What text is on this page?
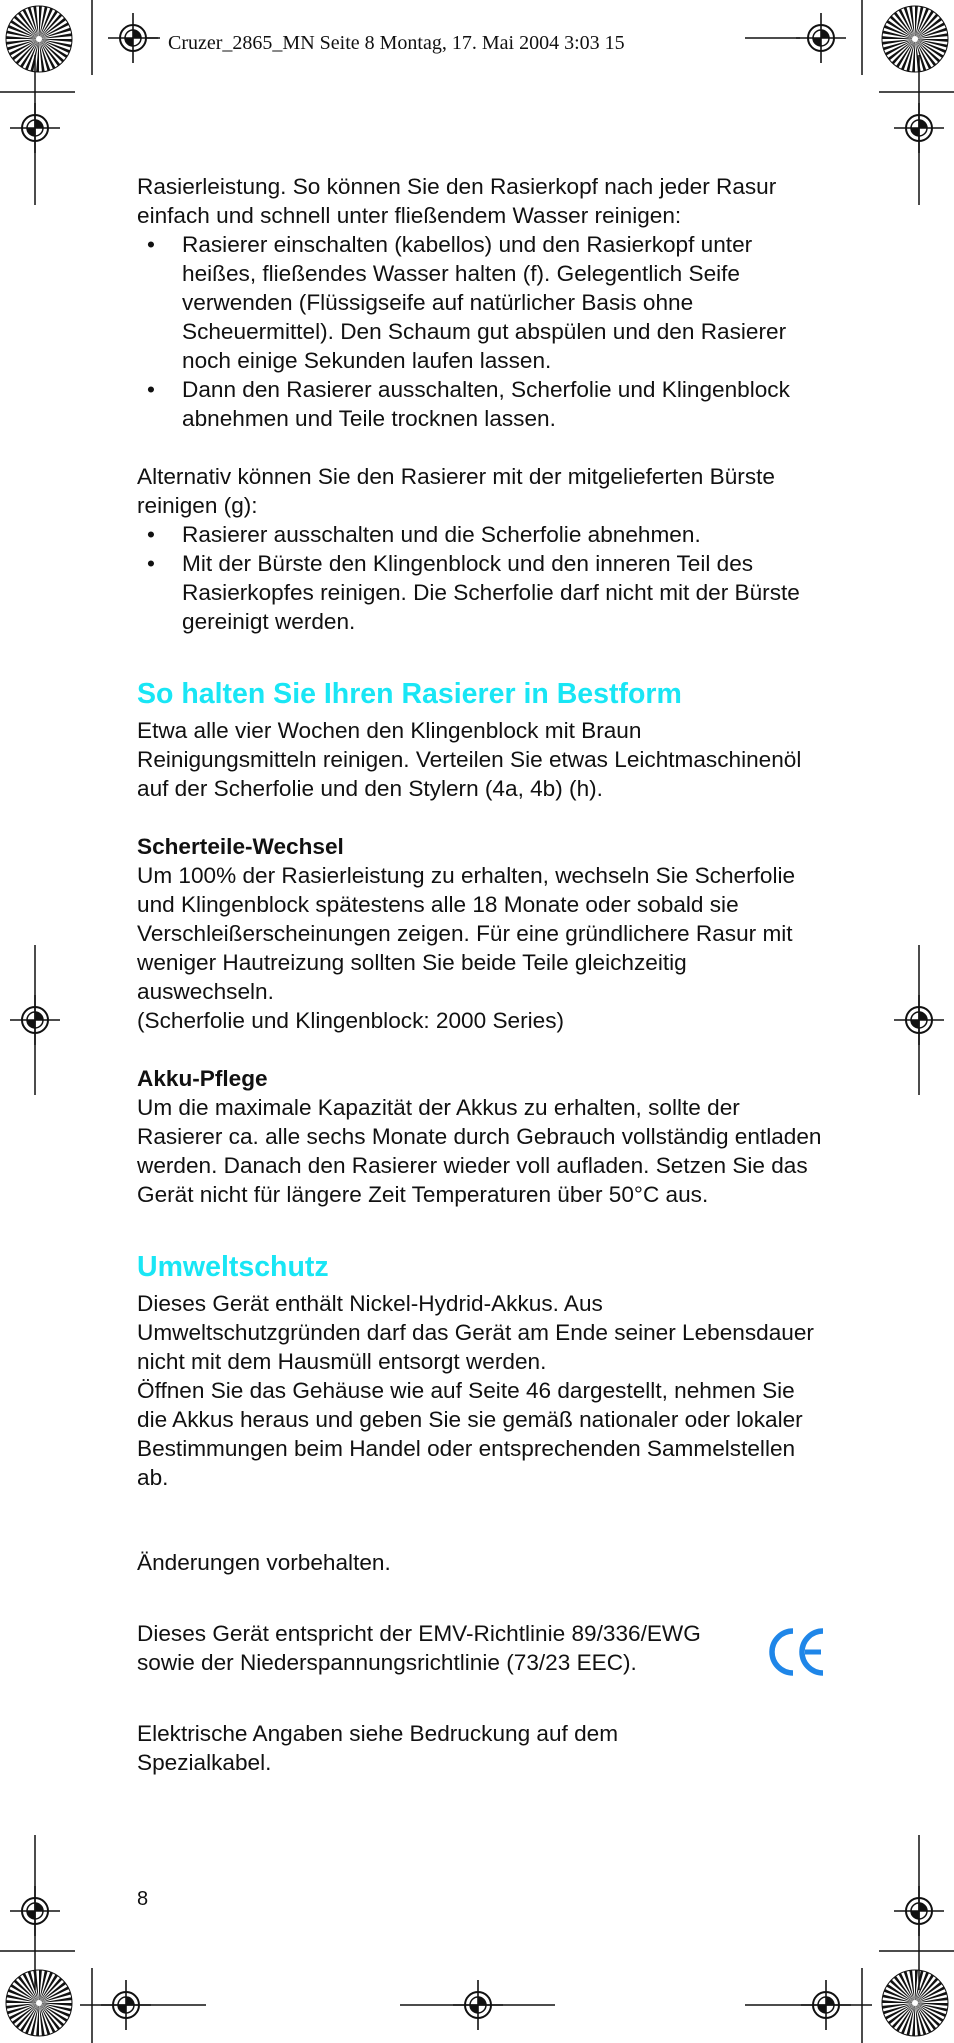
Cruzer_2865_MN Seite 8 Montag, 17. Mai 2004 3:03 15

Rasierleistung. So können Sie den Rasierkopf nach jeder Rasur einfach und schnell unter fließendem Wasser reinigen:

• Rasierer einschalten (kabellos) und den Rasierkopf unter heißes, fließendes Wasser halten (f). Gelegentlich Seife verwenden (Flüssigseife auf natürlicher Basis ohne Scheuermittel). Den Schaum gut abspülen und den Rasierer noch einige Sekunden laufen lassen.
• Dann den Rasierer ausschalten, Scherfolie und Klingenblock abnehmen und Teile trocknen lassen.

Alternativ können Sie den Rasierer mit der mitgelieferten Bürste reinigen (g):

• Rasierer ausschalten und die Scherfolie abnehmen.
• Mit der Bürste den Klingenblock und den inneren Teil des Rasierkopfes reinigen. Die Scherfolie darf nicht mit der Bürste gereinigt werden.
So halten Sie Ihren Rasierer in Bestform

Etwa alle vier Wochen den Klingenblock mit Braun Reinigungsmitteln reinigen. Verteilen Sie etwas Leichtmaschinenöl auf der Scherfolie und den Stylern (4a, 4b) (h).

Scherteile-Wechsel

Um 100% der Rasierleistung zu erhalten, wechseln Sie Scherfolie und Klingenblock spätestens alle 18 Monate oder sobald sie Verschleißerscheinungen zeigen. Für eine gründlichere Rasur mit weniger Hautreizung sollten Sie beide Teile gleichzeitig auswechseln.

(Scherfolie und Klingenblock: 2000 Series)

Akku-Pflege

Um die maximale Kapazität der Akkus zu erhalten, sollte der Rasierer ca. alle sechs Monate durch Gebrauch vollständig entladen werden. Danach den Rasierer wieder voll aufladen. Setzen Sie das Gerät nicht für längere Zeit Temperaturen über 50°C aus.

Umweltschutz

Dieses Gerät enthält Nickel-Hydrid-Akkus. Aus Umweltschutzgründen darf das Gerät am Ende seiner Lebensdauer nicht mit dem Hausmüll entsorgt werden.

Öffnen Sie das Gehäuse wie auf Seite 46 dargestellt, nehmen Sie die Akkus heraus und geben Sie sie gemäß nationaler oder lokaler Bestimmungen beim Handel oder entsprechenden Sammelstellen ab.

Änderungen vorbehalten.

Dieses Gerät entspricht der EMV-Richtlinie 89/336/EWG sowie der Niederspannungsrichtlinie (73/23 EEC).

Elektrische Angaben siehe Bedruckung auf dem Spezialkabel.

8
